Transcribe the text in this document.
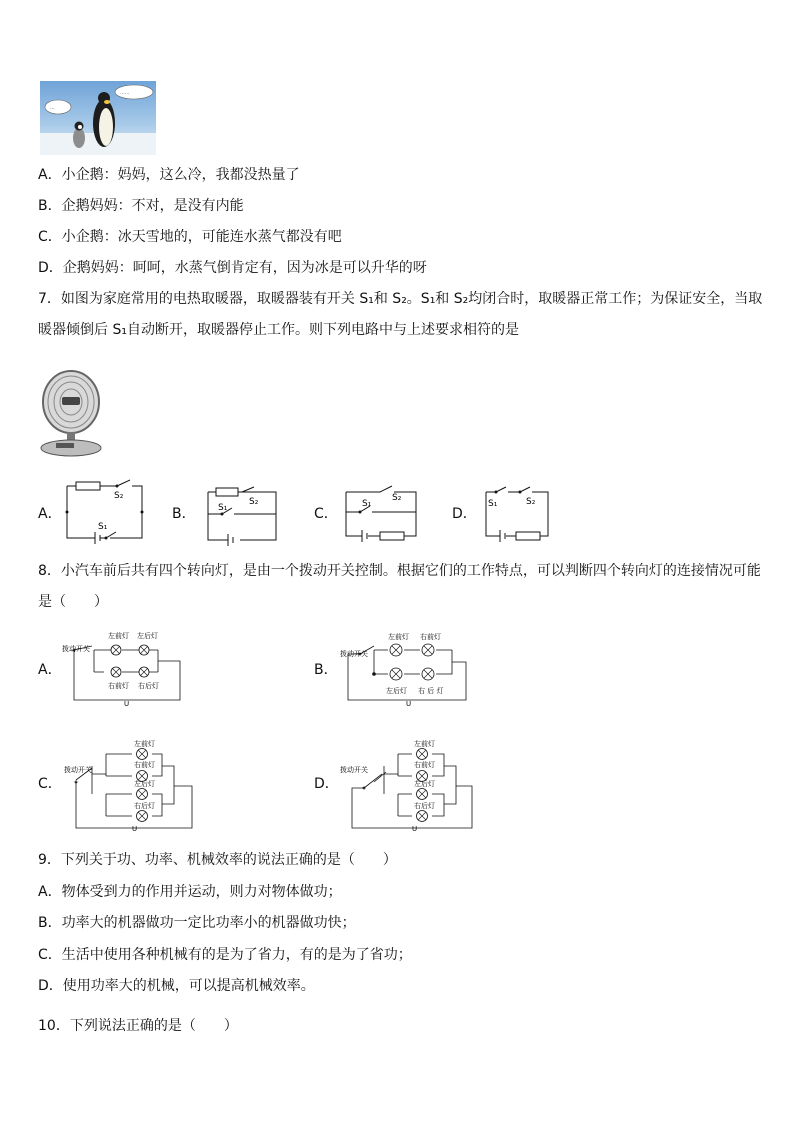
...
......
A．小企鹅：妈妈，这么冷，我都没热量了
B．企鹅妈妈：不对，是没有内能
C．小企鹅：冰天雪地的，可能连水蒸气都没有吧
D．企鹅妈妈：呵呵，水蒸气倒肯定有，因为冰是可以升华的呀
7．如图为家庭常用的电热取暖器，取暖器装有开关 S₁和 S₂。S₁和 S₂均闭合时，取暖器正常工作；为保证安全，当取
暖器倾倒后 S₁自动断开，取暖器停止工作。则下列电路中与上述要求相符的是
A．
S₂
S₁
B．
S₂
S₁	C．
S₂
S₁
D．
S₁	S₂
8．小汽车前后共有四个转向灯，是由一个拨动开关控制。根据它们的工作特点，可以判断四个转向灯的连接情况可能
是（　　）
A．
拨动开关
左前灯 左后灯
右前灯 右后灯
U
B．
拨动开关
左前灯 右前灯
左后灯 右 后 灯
U
C．
拨动开关
左前灯
右前灯
左后灯
右后灯
U
D．
拨动开关
左前灯
右前灯
左后灯
右后灯
U
9．下列关于功、功率、机械效率的说法正确的是（　　）
A．物体受到力的作用并运动，则力对物体做功；
B．功率大的机器做功一定比功率小的机器做功快；
C．生活中使用各种机械有的是为了省力，有的是为了省功；
D．使用功率大的机械，可以提高机械效率。
10．下列说法正确的是（　　）
